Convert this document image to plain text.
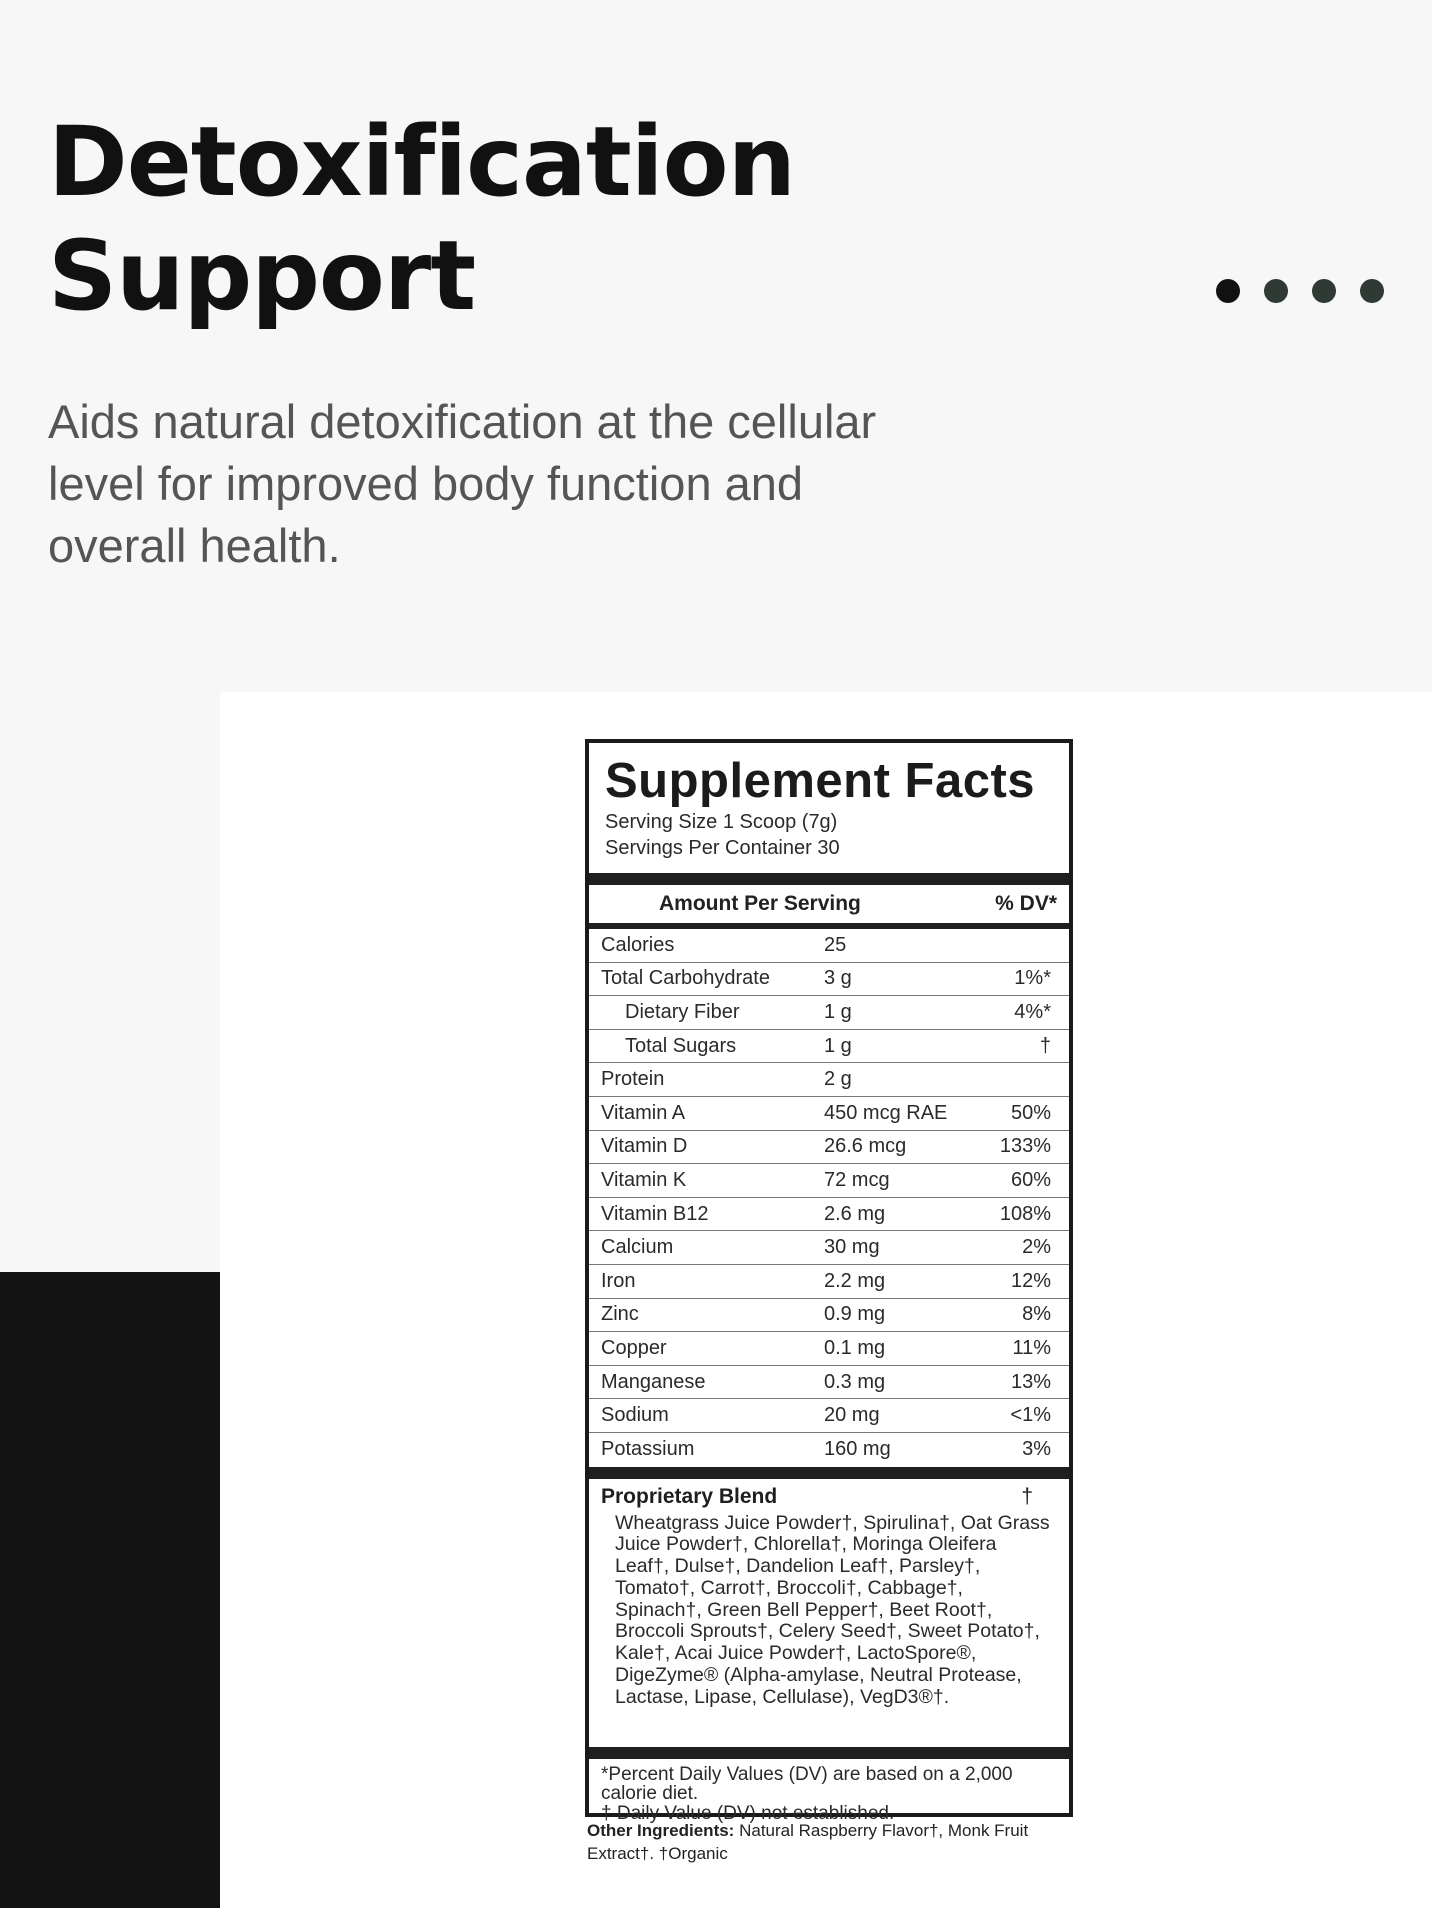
Detoxification
Support

Aids natural detoxification at the cellular
level for improved body function and
overall health.

Supplement Facts
Serving Size 1 Scoop (7g)
Servings Per Container 30
Amount Per Serving	% DV*
Calories	25
Total Carbohydrate	3 g	1%*
Dietary Fiber	1 g	4%*
Total Sugars	1 g	†
Protein	2 g
Vitamin A	450 mcg RAE	50%
Vitamin D	26.6 mcg	133%
Vitamin K	72 mcg	60%
Vitamin B12	2.6 mg	108%
Calcium	30 mg	2%
Iron	2.2 mg	12%
Zinc	0.9 mg	8%
Copper	0.1 mg	11%
Manganese	0.3 mg	13%
Sodium	20 mg	<1%
Potassium	160 mg	3%
Proprietary Blend	†
Wheatgrass Juice Powder†, Spirulina†, Oat Grass Juice Powder†, Chlorella†, Moringa Oleifera Leaf†, Dulse†, Dandelion Leaf†, Parsley†, Tomato†, Carrot†, Broccoli†, Cabbage†, Spinach†, Green Bell Pepper†, Beet Root†, Broccoli Sprouts†, Celery Seed†, Sweet Potato†, Kale†, Acai Juice Powder†, LactoSpore®, DigeZyme® (Alpha-amylase, Neutral Protease, Lactase, Lipase, Cellulase), VegD3®†.
*Percent Daily Values (DV) are based on a 2,000 calorie diet.
† Daily Value (DV) not established.
Other Ingredients: Natural Raspberry Flavor†, Monk Fruit Extract†. †Organic
